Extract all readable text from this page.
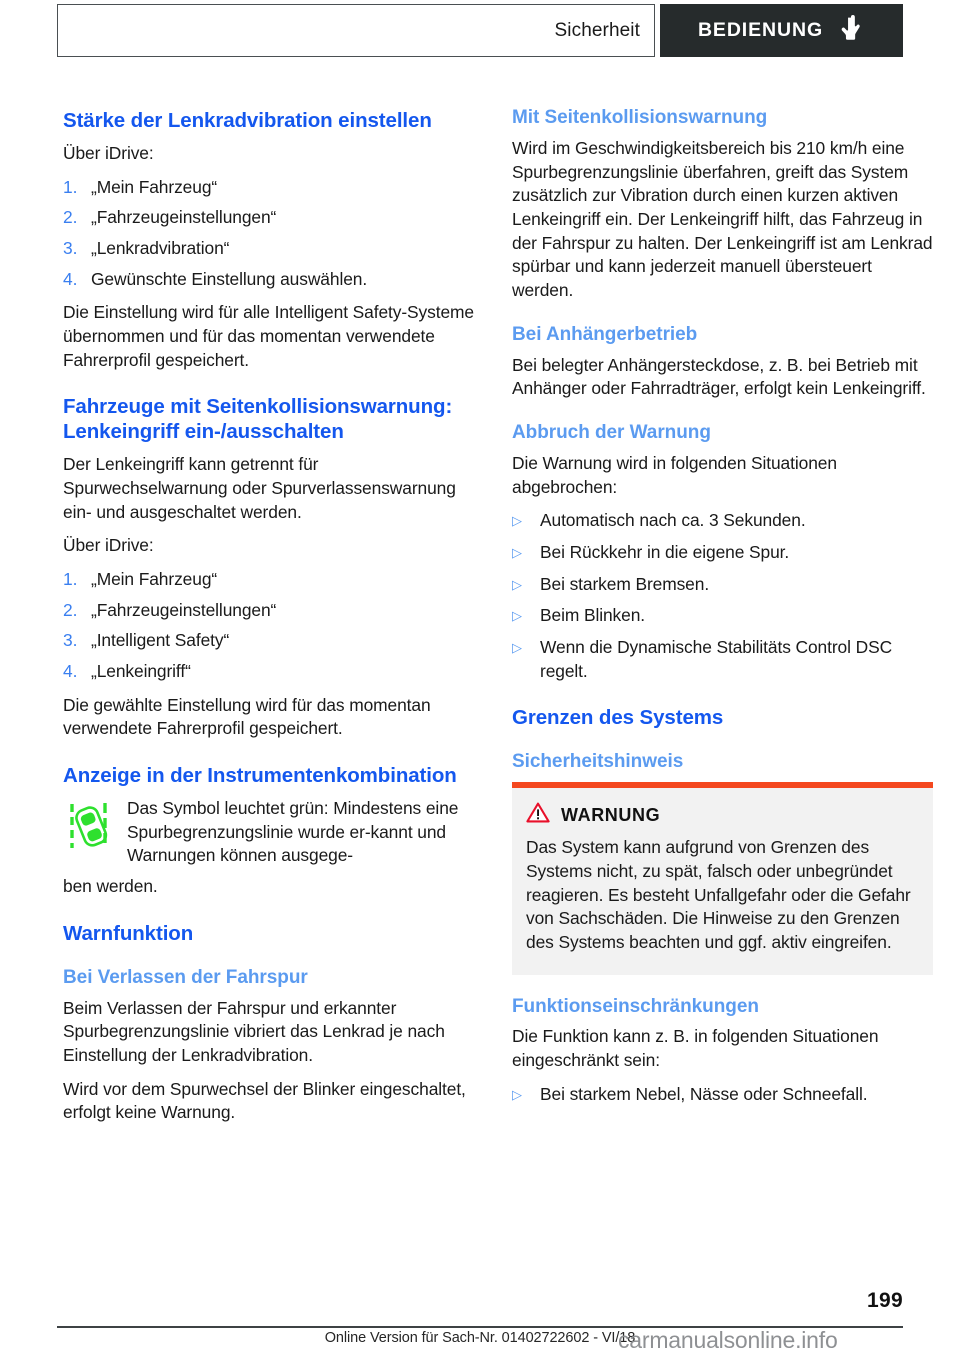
Sicherheit	BEDIENUNG
Stärke der Lenkradvibration einstellen

Über iDrive:

1. „Mein Fahrzeug“
2. „Fahrzeugeinstellungen“
3. „Lenkradvibration“
4. Gewünschte Einstellung auswählen.

Die Einstellung wird für alle Intelligent Safety-Systeme übernommen und für das momentan verwendete Fahrerprofil gespeichert.

Fahrzeuge mit Seitenkollisionswarnung: Lenkeingriff ein-/ausschalten

Der Lenkeingriff kann getrennt für Spurwechselwarnung oder Spurverlassenswarnung ein- und ausgeschaltet werden.

Über iDrive:

1. „Mein Fahrzeug“
2. „Fahrzeugeinstellungen“
3. „Intelligent Safety“
4. „Lenkeingriff“

Die gewählte Einstellung wird für das momentan verwendete Fahrerprofil gespeichert.

Anzeige in der Instrumentenkombination
Das Symbol leuchtet grün: Mindestens eine Spurbegrenzungslinie wurde er-kannt und Warnungen können ausgege-
ben werden.
Warnfunktion
Bei Verlassen der Fahrspur

Beim Verlassen der Fahrspur und erkannter Spurbegrenzungslinie vibriert das Lenkrad je nach Einstellung der Lenkradvibration.

Wird vor dem Spurwechsel der Blinker eingeschaltet, erfolgt keine Warnung.

Mit Seitenkollisionswarnung

Wird im Geschwindigkeitsbereich bis 210 km/h eine Spurbegrenzungslinie überfahren, greift das System zusätzlich zur Vibration durch einen kurzen aktiven Lenkeingriff ein. Der Lenkeingriff hilft, das Fahrzeug in der Fahrspur zu halten. Der Lenkeingriff ist am Lenkrad spürbar und kann jederzeit manuell übersteuert werden.

Bei Anhängerbetrieb

Bei belegter Anhängersteckdose, z. B. bei Betrieb mit Anhänger oder Fahrradträger, erfolgt kein Lenkeingriff.

Abbruch der Warnung

Die Warnung wird in folgenden Situationen abgebrochen:

▷	Automatisch nach ca. 3 Sekunden.
▷	Bei Rückkehr in die eigene Spur.
▷	Bei starkem Bremsen.
▷	Beim Blinken.
▷	Wenn die Dynamische Stabilitäts Control DSC regelt.
Grenzen des Systems
Sicherheitshinweis
WARNUNG

Das System kann aufgrund von Grenzen des Systems nicht, zu spät, falsch oder unbegründet reagieren. Es besteht Unfallgefahr oder die Gefahr von Sachschäden. Die Hinweise zu den Grenzen des Systems beachten und ggf. aktiv eingreifen.

Funktionseinschränkungen

Die Funktion kann z. B. in folgenden Situationen eingeschränkt sein:

▷	Bei starkem Nebel, Nässe oder Schneefall.
199
Online Version für Sach-Nr. 01402722602 - VI/18
carmanualsonline.info
